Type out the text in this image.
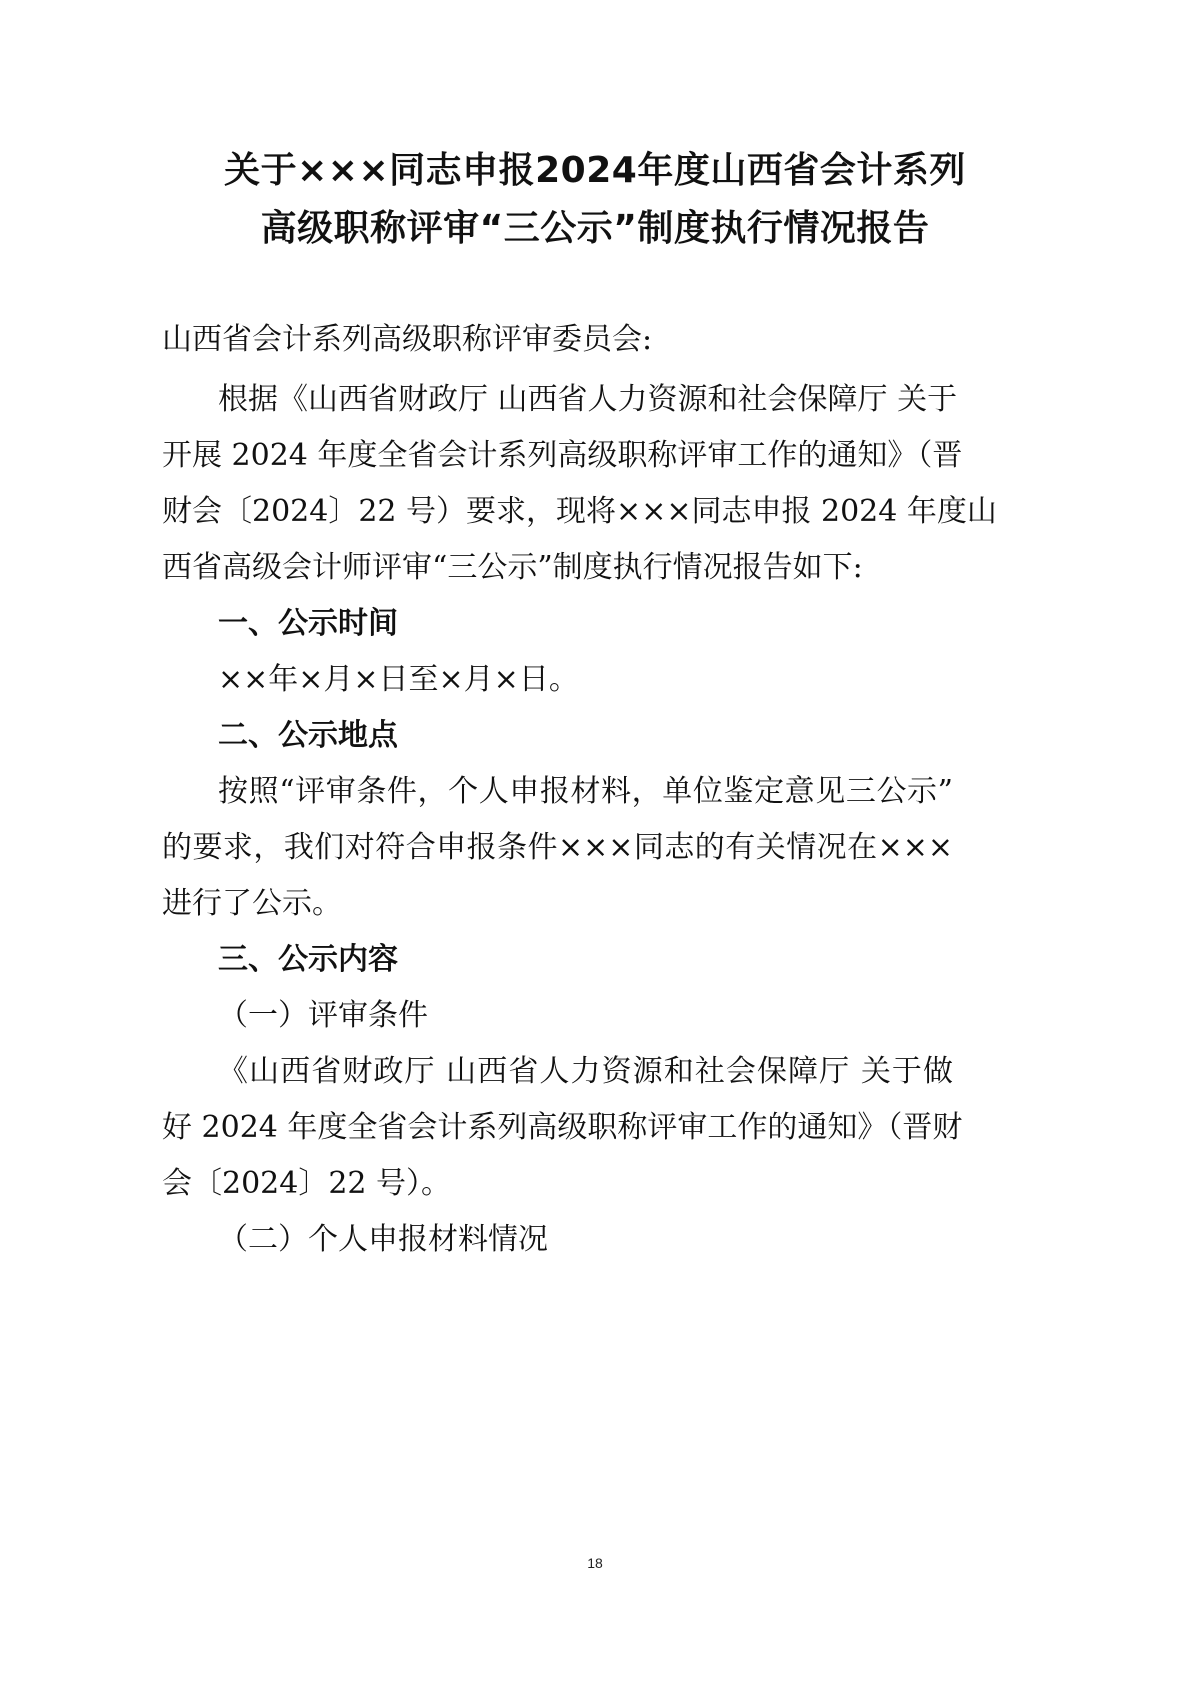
关于×××同志申报2024年度山西省会计系列
高级职称评审“三公示”制度执行情况报告
山西省会计系列高级职称评审委员会:
根据《山西省财政厅 山西省人力资源和社会保障厅 关于
开展 2024 年度全省会计系列高级职称评审工作的通知》（晋
财会〔2024〕22 号）要求，现将×××同志申报 2024 年度山
西省高级会计师评审“三公示”制度执行情况报告如下:
一、公示时间
××年×月×日至×月×日。
二、公示地点
按照“评审条件，个人申报材料，单位鉴定意见三公示”
的要求，我们对符合申报条件×××同志的有关情况在×××
进行了公示。
三、公示内容
（一）评审条件
《山西省财政厅 山西省人力资源和社会保障厅 关于做
好 2024 年度全省会计系列高级职称评审工作的通知》（晋财
会〔2024〕22 号）。
（二）个人申报材料情况
18
